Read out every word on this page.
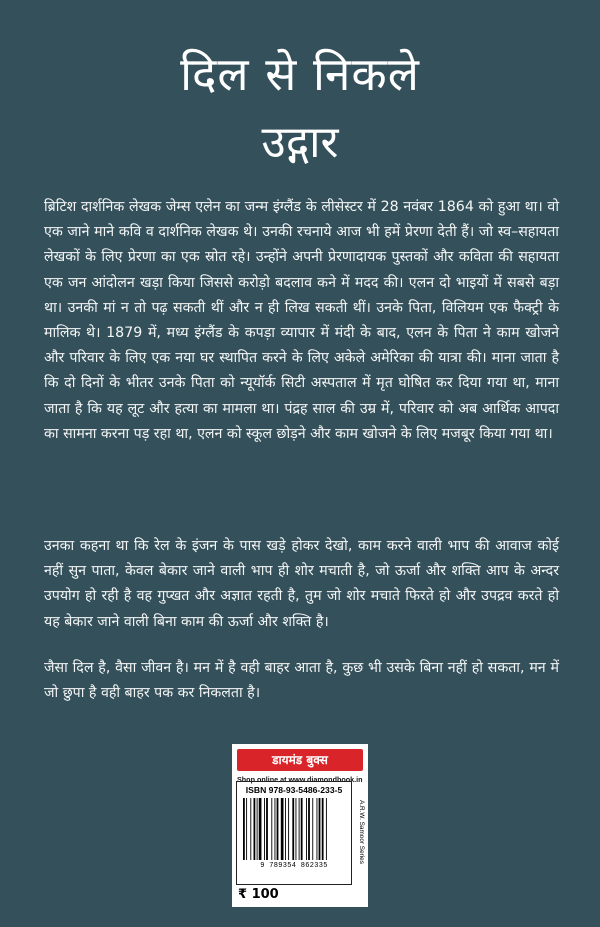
दिल से निकले
उद्गार

ब्रिटिश दार्शनिक लेखक जेम्स एलेन का जन्म इंग्लैंड के लीसेस्टर में 28 नवंबर 1864 को हुआ था। वो एक जाने माने कवि व दार्शनिक लेखक थे। उनकी रचनाये आज भी हमें प्रेरणा देती हैं। जो स्व–सहायता लेखकों के लिए प्रेरणा का एक स्रोत रहे। उन्होंने अपनी प्रेरणादायक पुस्तकों और कविता की सहायता एक जन आंदोलन खड़ा किया जिससे करोड़ो बदलाव कने में मदद की। एलन दो भाइयों में सबसे बड़ा था। उनकी मां न तो पढ़ सकती थीं और न ही लिख सकती थीं। उनके पिता, विलियम एक फैक्ट्री के मालिक थे। 1879 में, मध्य इंग्लैंड के कपड़ा व्यापार में मंदी के बाद, एलन के पिता ने काम खोजने और परिवार के लिए एक नया घर स्थापित करने के लिए अकेले अमेरिका की यात्रा की। माना जाता है कि दो दिनों के भीतर उनके पिता को न्यूयॉर्क सिटी अस्पताल में मृत घोषित कर दिया गया था, माना जाता है कि यह लूट और हत्या का मामला था। पंद्रह साल की उम्र में, परिवार को अब आर्थिक आपदा का सामना करना पड़ रहा था, एलन को स्कूल छोड़ने और काम खोजने के लिए मजबूर किया गया था।

उनका कहना था कि रेल के इंजन के पास खड़े होकर देखो, काम करने वाली भाप की आवाज कोई नहीं सुन पाता, केवल बेकार जाने वाली भाप ही शोर मचाती है, जो ऊर्जा और शक्ति आप के अन्दर उपयोग हो रही है वह गुप्खत और अज्ञात रहती है, तुम जो शोर मचाते फिरते हो और उपद्रव करते हो यह बेकार जाने वाली बिना काम की ऊर्जा और शक्ति है।

जैसा दिल है, वैसा जीवन है। मन में है वही बाहर आता है, कुछ भी उसके बिना नहीं हो सकता, मन में जो छुपा है वही बाहर पक कर निकलता है।

डायमंड बुक्स
Shop online at www.diamondbook.in
ISBN 978-93-5486-233-5
9 789354 862335
A.R.W. Samoor Series
₹ 100
